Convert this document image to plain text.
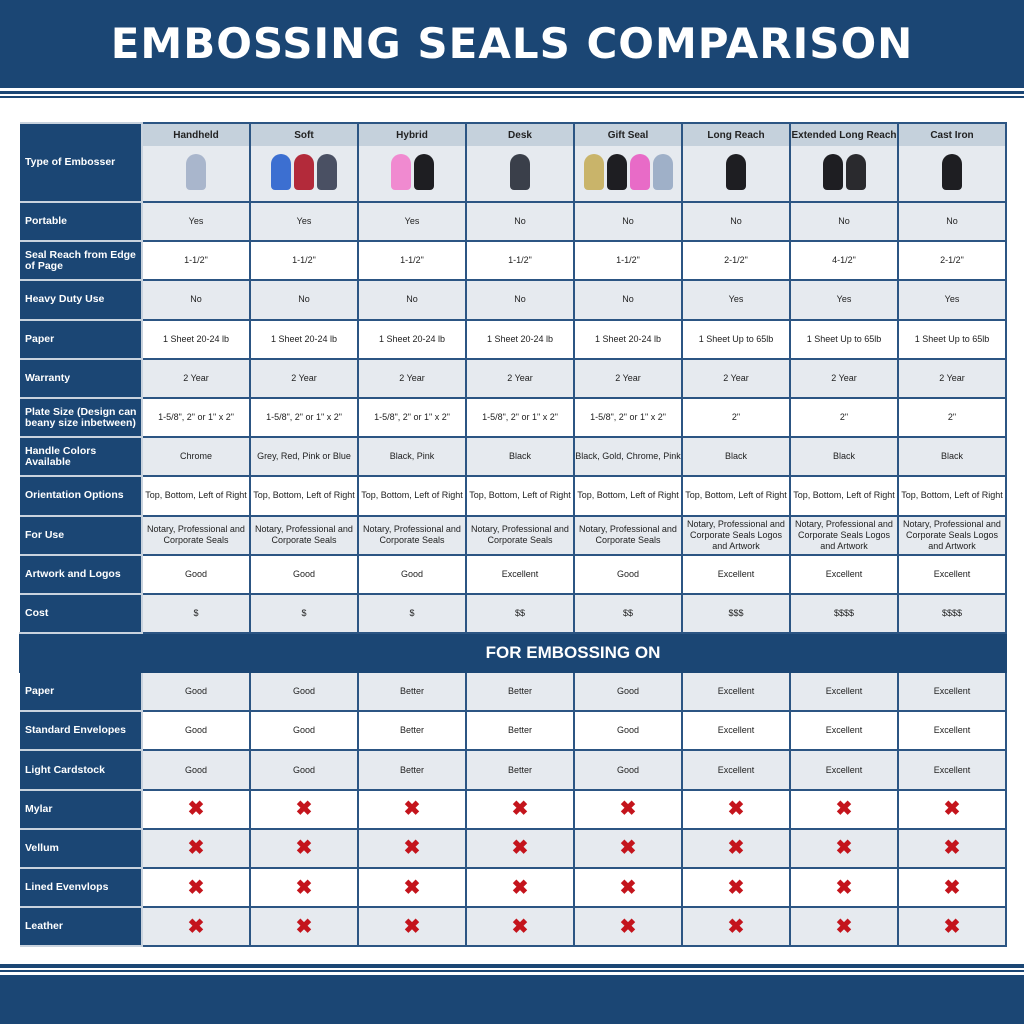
EMBOSSING SEALS COMPARISON
Type of Embosser	Handheld	Soft	Hybrid	Desk	Gift Seal	Long Reach	Extended Long Reach	Cast Iron

Portable	Yes	Yes	Yes	No	No	No	No	No
Seal Reach from Edge of Page	1-1/2"	1-1/2"	1-1/2"	1-1/2"	1-1/2"	2-1/2"	4-1/2"	2-1/2"
Heavy Duty Use	No	No	No	No	No	Yes	Yes	Yes
Paper	1 Sheet 20-24 lb	1 Sheet 20-24 lb	1 Sheet 20-24 lb	1 Sheet 20-24 lb	1 Sheet 20-24 lb	1 Sheet Up to 65lb	1 Sheet Up to 65lb	1 Sheet Up to 65lb
Warranty	2 Year	2 Year	2 Year	2 Year	2 Year	2 Year	2 Year	2 Year
Plate Size (Design can beany size inbetween)	1-5/8", 2" or 1" x 2"	1-5/8", 2" or 1" x 2"	1-5/8", 2" or 1" x 2"	1-5/8", 2" or 1" x 2"	1-5/8", 2" or 1" x 2"	2"	2"	2"
Handle Colors Available	Chrome	Grey, Red, Pink or Blue	Black, Pink	Black	Black, Gold, Chrome, Pink	Black	Black	Black
Orientation Options	Top, Bottom, Left of Right	Top, Bottom, Left of Right	Top, Bottom, Left of Right	Top, Bottom, Left of Right	Top, Bottom, Left of Right	Top, Bottom, Left of Right	Top, Bottom, Left of Right	Top, Bottom, Left of Right
For Use	Notary, Professional and Corporate Seals	Notary, Professional and Corporate Seals	Notary, Professional and Corporate Seals	Notary, Professional and Corporate Seals	Notary, Professional and Corporate Seals	Notary, Professional and Corporate Seals Logos and Artwork	Notary, Professional and Corporate Seals Logos and Artwork	Notary, Professional and Corporate Seals Logos and Artwork
Artwork and Logos	Good	Good	Good	Excellent	Good	Excellent	Excellent	Excellent
Cost	$	$	$	$$	$$	$$$	$$$$	$$$$
FOR EMBOSSING ON								
Paper	Good	Good	Better	Better	Good	Excellent	Excellent	Excellent
Standard Envelopes	Good	Good	Better	Better	Good	Excellent	Excellent	Excellent
Light Cardstock	Good	Good	Better	Better	Good	Excellent	Excellent	Excellent
Mylar	✖	✖	✖	✖	✖	✖	✖	✖
Vellum	✖	✖	✖	✖	✖	✖	✖	✖
Lined Evenvlops	✖	✖	✖	✖	✖	✖	✖	✖
Leather	✖	✖	✖	✖	✖	✖	✖	✖
